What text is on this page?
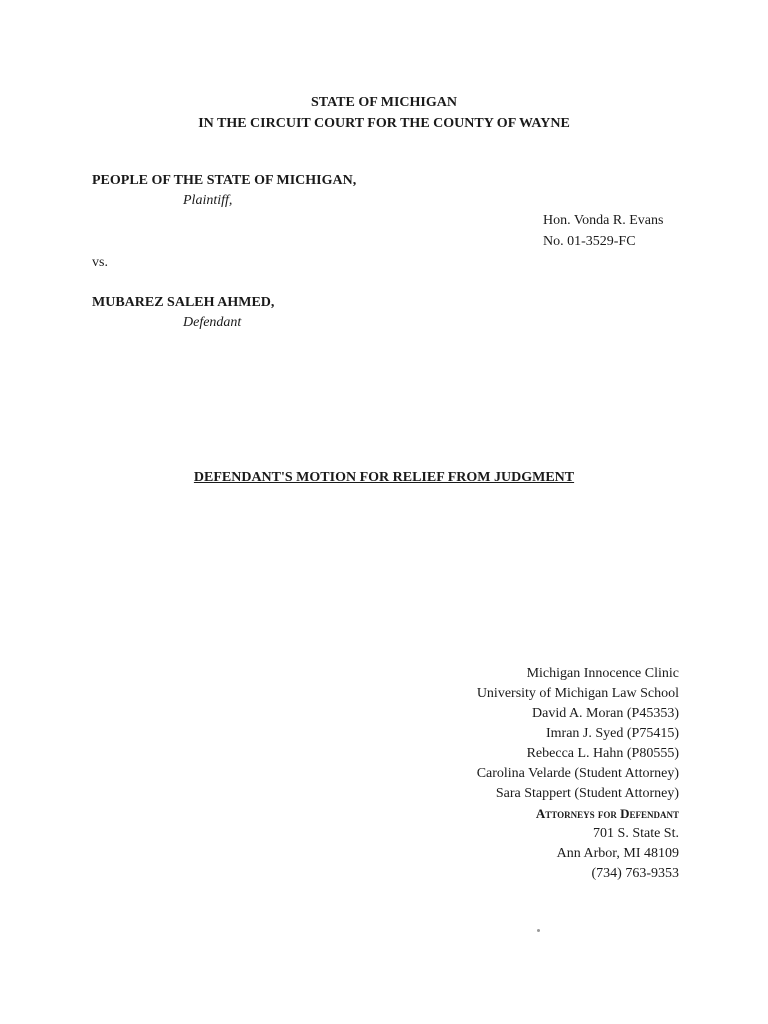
STATE OF MICHIGAN
IN THE CIRCUIT COURT FOR THE COUNTY OF WAYNE
PEOPLE OF THE STATE OF MICHIGAN,
Plaintiff,
Hon. Vonda R. Evans
No. 01-3529-FC
vs.
MUBAREZ SALEH AHMED,
Defendant
DEFENDANT'S MOTION FOR RELIEF FROM JUDGMENT
Michigan Innocence Clinic
University of Michigan Law School
David A. Moran (P45353)
Imran J. Syed (P75415)
Rebecca L. Hahn (P80555)
Carolina Velarde (Student Attorney)
Sara Stappert (Student Attorney)
Attorneys for Defendant
701 S. State St.
Ann Arbor, MI 48109
(734) 763-9353
